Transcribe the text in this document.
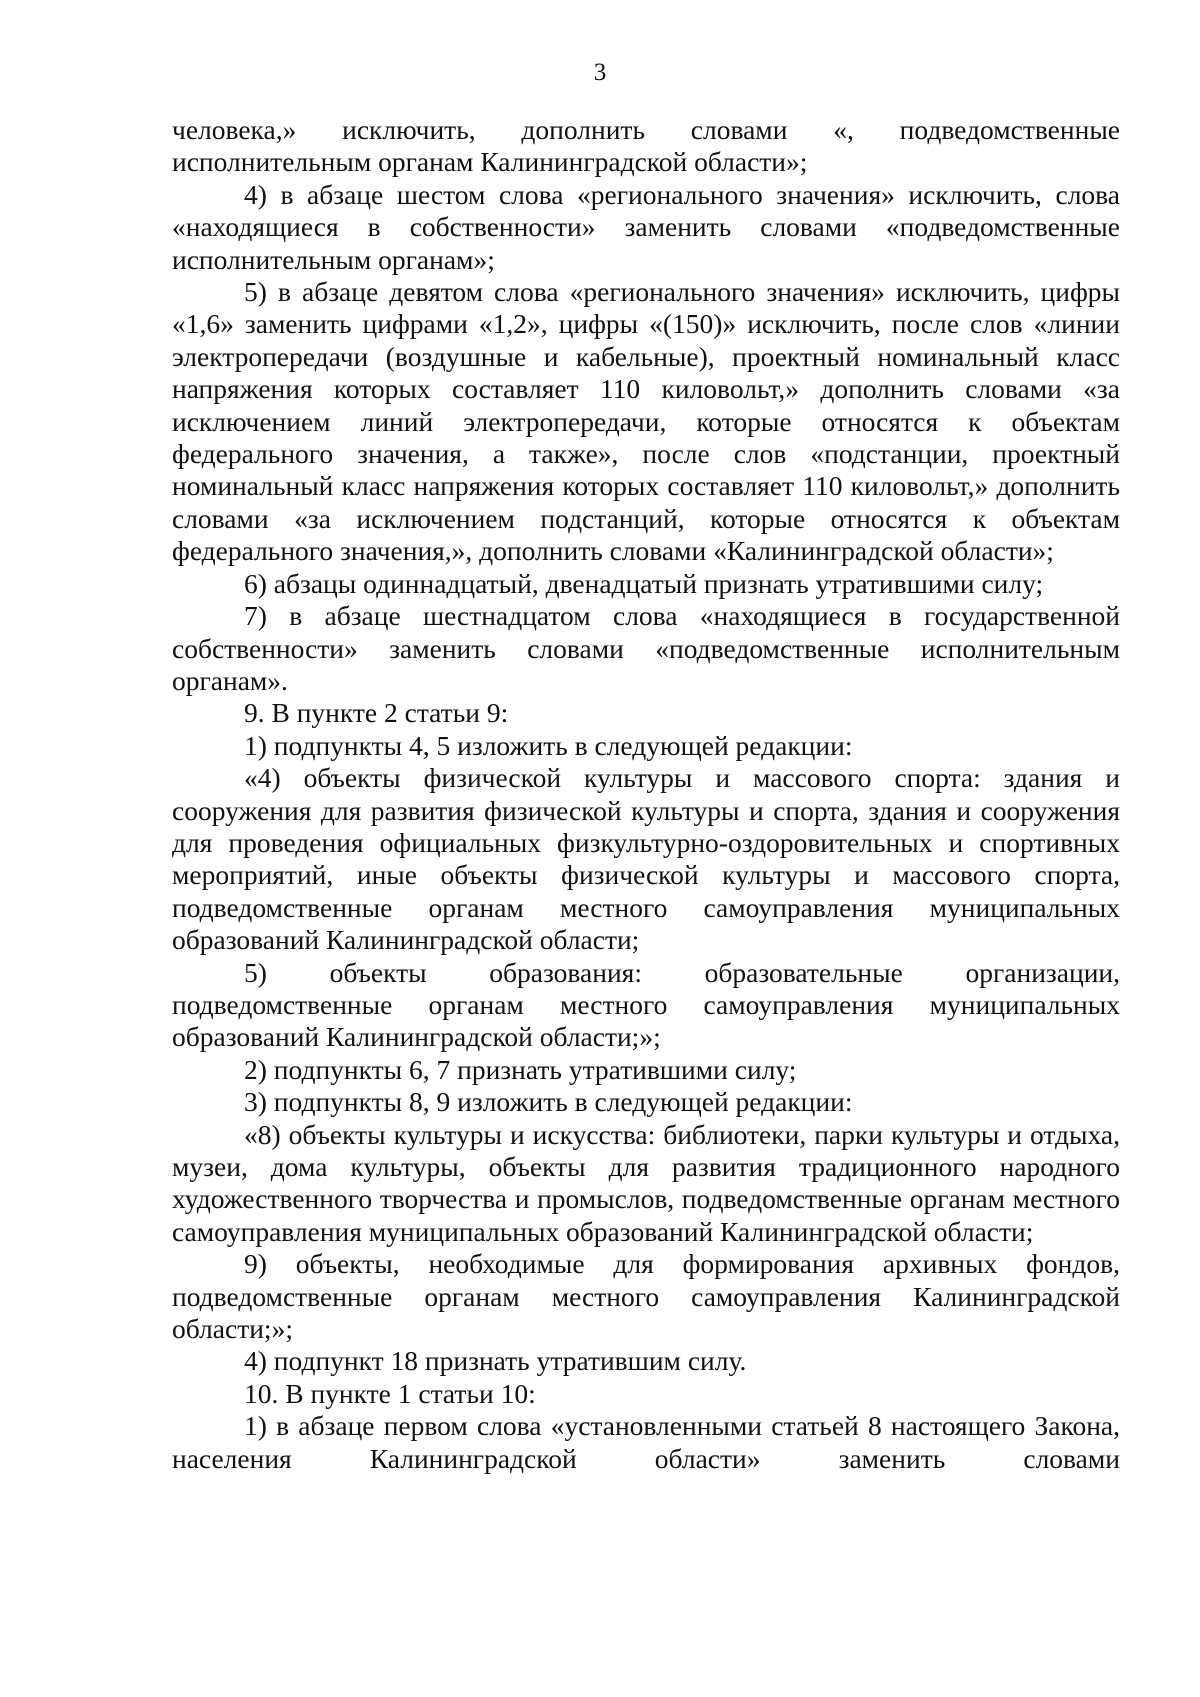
3

человека,» исключить, дополнить словами «, подведомственные исполнительным органам Калининградской области»;

4) в абзаце шестом слова «регионального значения» исключить, слова «находящиеся в собственности» заменить словами «подведомственные исполнительным органам»;

5) в абзаце девятом слова «регионального значения» исключить, цифры «1,6» заменить цифрами «1,2», цифры «(150)» исключить, после слов «линии электропередачи (воздушные и кабельные), проектный номинальный класс напряжения которых составляет 110 киловольт,» дополнить словами «за исключением линий электропередачи, которые относятся к объектам федерального значения, а также», после слов «подстанции, проектный номинальный класс напряжения которых составляет 110 киловольт,» дополнить словами «за исключением подстанций, которые относятся к объектам федерального значения,», дополнить словами «Калининградской области»;

6) абзацы одиннадцатый, двенадцатый признать утратившими силу;

7) в абзаце шестнадцатом слова «находящиеся в государственной собственности» заменить словами «подведомственные исполнительным органам».

9. В пункте 2 статьи 9:

1) подпункты 4, 5 изложить в следующей редакции:

«4) объекты физической культуры и массового спорта: здания и сооружения для развития физической культуры и спорта, здания и сооружения для проведения официальных физкультурно-оздоровительных и спортивных мероприятий, иные объекты физической культуры и массового спорта, подведомственные органам местного самоуправления муниципальных образований Калининградской области;

5) объекты образования: образовательные организации, подведомственные органам местного самоуправления муниципальных образований Калининградской области;»;

2) подпункты 6, 7 признать утратившими силу;

3) подпункты 8, 9 изложить в следующей редакции:

«8) объекты культуры и искусства: библиотеки, парки культуры и отдыха, музеи, дома культуры, объекты для развития традиционного народного художественного творчества и промыслов, подведомственные органам местного самоуправления муниципальных образований Калининградской области;

9) объекты, необходимые для формирования архивных фондов, подведомственные органам местного самоуправления Калининградской области;»;

4) подпункт 18 признать утратившим силу.

10. В пункте 1 статьи 10:

1) в абзаце первом слова «установленными статьей 8 настоящего Закона, населения Калининградской области» заменить словами
